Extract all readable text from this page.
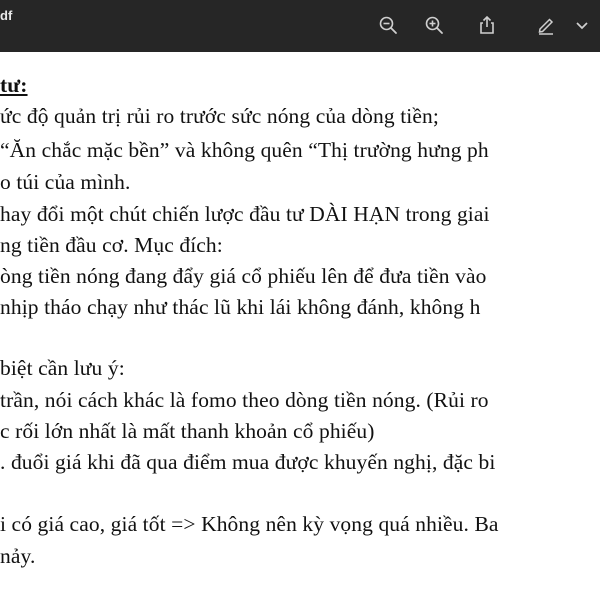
df
tư:
ức độ quản trị rủi ro trước sức nóng của dòng tiền;
“Ăn chắc mặc bền” và không quên “Thị trường hưng ph
o túi của mình.
hay đổi một chút chiến lược đầu tư DÀI HẠN trong giai
ng tiền đầu cơ. Mục đích:
òng tiền nóng đang đẩy giá cổ phiếu lên để đưa tiền vào
nhịp tháo chạy như thác lũ khi lái không đánh, không h
biệt cần lưu ý:
trần, nói cách khác là fomo theo dòng tiền nóng. (Rủi ro
c rối lớn nhất là mất thanh khoản cổ phiếu)
. đuổi giá khi đã qua điểm mua được khuyến nghị, đặc bi
i có giá cao, giá tốt => Không nên kỳ vọng quá nhiều. Ba
nảy.
